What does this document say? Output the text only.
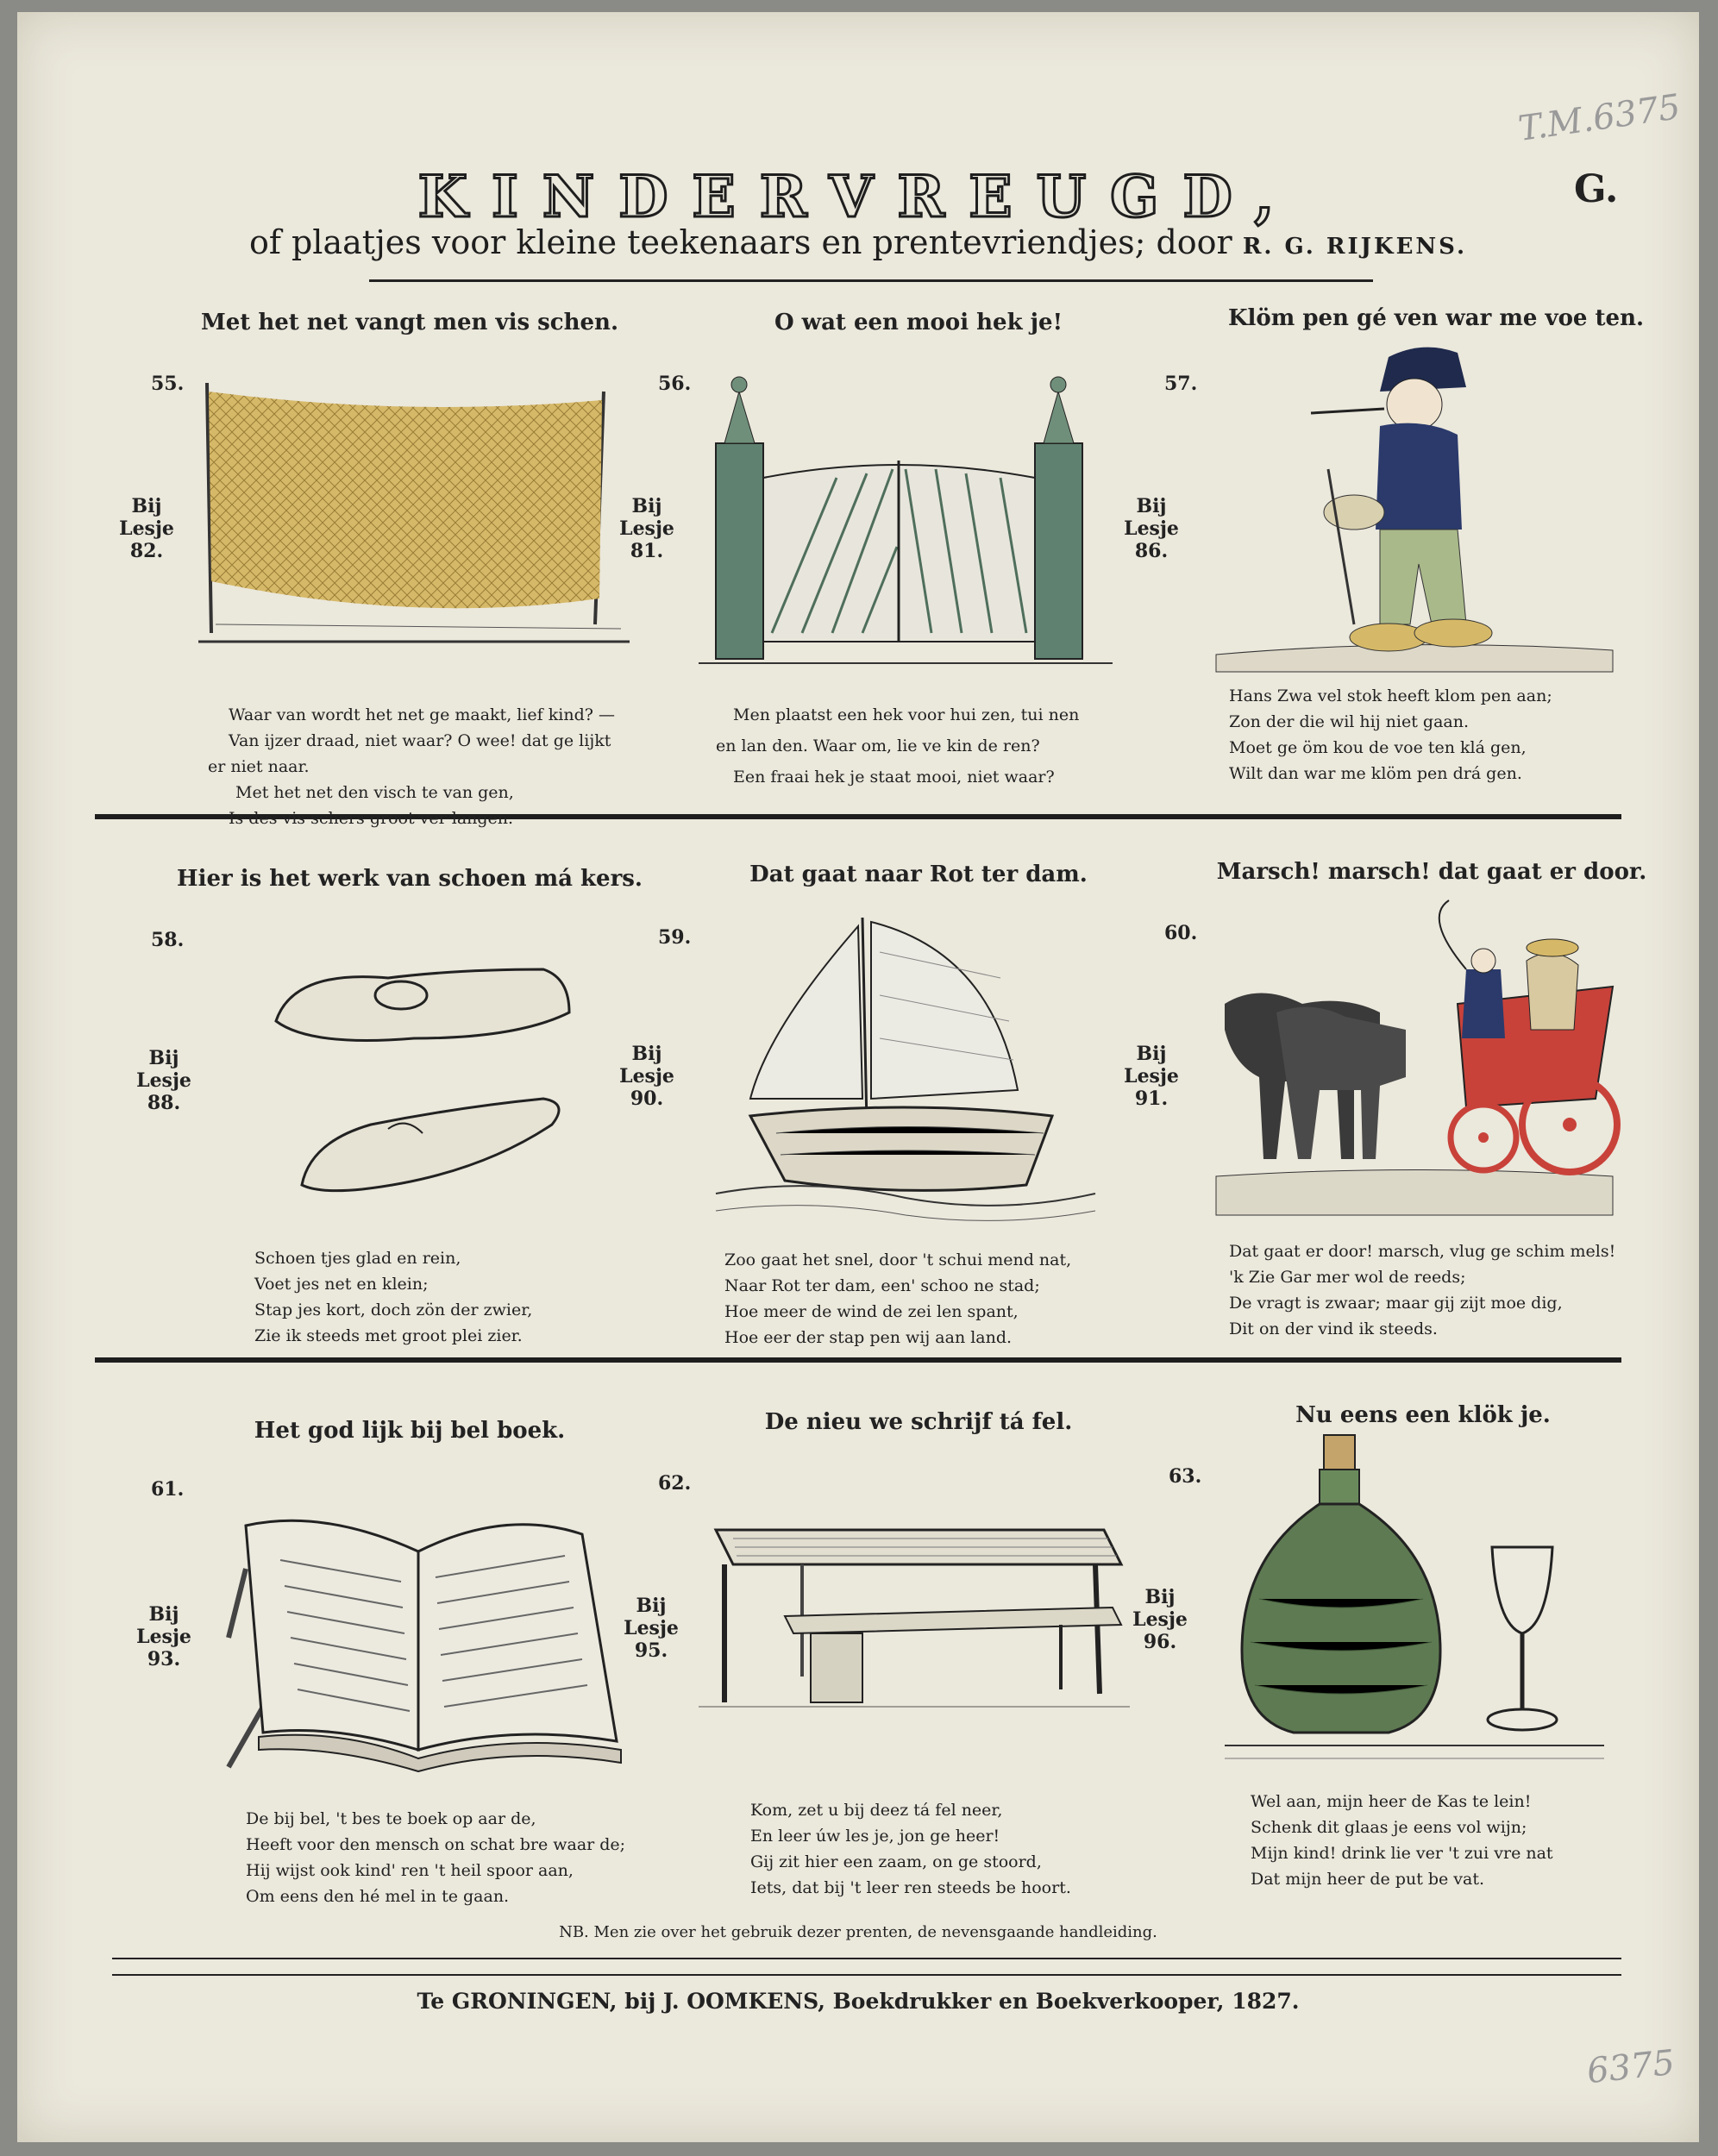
T.M.6375
KINDERVREUGD,	G.
of plaatjes voor kleine teekenaars en prentevriendjes; door R. G. RIJKENS.
Met het net vangt men vis schen.
55.
Bij
Lesje
82.
Waar van wordt het net ge maakt, lief kind? —
Van ijzer draad, niet waar? O wee! dat ge lijkt
er niet naar.
Met het net den visch te van gen,
Is des vis schers groot ver langen.
O wat een mooi hek je!
56.
Bij
Lesje
81.
Men plaatst een hek voor hui zen, tui nen
en lan den. Waar om, lie ve kin de ren?
Een fraai hek je staat mooi, niet waar?
Klöm pen gé ven war me voe ten.
57.
Bij
Lesje
86.
Hans Zwa vel stok heeft klom pen aan;
Zon der die wil hij niet gaan.
Moet ge öm kou de voe ten klá gen,
Wilt dan war me klöm pen drá gen.
Hier is het werk van schoen má kers.
58.
Bij
Lesje
88.
Schoen tjes glad en rein,
Voet jes net en klein;
Stap jes kort, doch zön der zwier,
Zie ik steeds met groot plei zier.
Dat gaat naar Rot ter dam.
59.
Bij
Lesje
90.
Zoo gaat het snel, door 't schui mend nat,
Naar Rot ter dam, een' schoo ne stad;
Hoe meer de wind de zei len spant,
Hoe eer der stap pen wij aan land.
Marsch! marsch! dat gaat er door.
60.
Bij
Lesje
91.
Dat gaat er door! marsch, vlug ge schim mels!
'k Zie Gar mer wol de reeds;
De vragt is zwaar; maar gij zijt moe dig,
Dit on der vind ik steeds.
Het god lijk bij bel boek.
61.
Bij
Lesje
93.
De bij bel, 't bes te boek op aar de,
Heeft voor den mensch on schat bre waar de;
Hij wijst ook kind' ren 't heil spoor aan,
Om eens den hé mel in te gaan.
De nieu we schrijf tá fel.
62.
Bij
Lesje
95.
Kom, zet u bij deez tá fel neer,
En leer úw les je, jon ge heer!
Gij zit hier een zaam, on ge stoord,
Iets, dat bij 't leer ren steeds be hoort.
Nu eens een klök je.
63.
Bij
Lesje
96.
Wel aan, mijn heer de Kas te lein!
Schenk dit glaas je eens vol wijn;
Mijn kind! drink lie ver 't zui vre nat
Dat mijn heer de put be vat.
NB. Men zie over het gebruik dezer prenten, de nevensgaande handleiding.
Te GRONINGEN, bij J. OOMKENS, Boekdrukker en Boekverkooper, 1827.
6375
